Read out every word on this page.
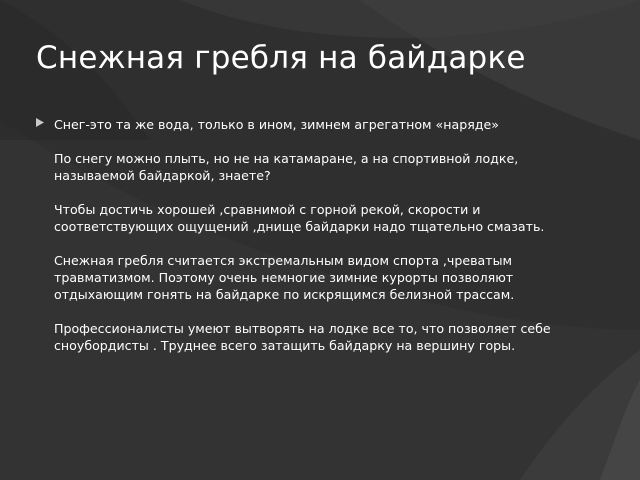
Снежная гребля на байдарке

Снег-это та же вода, только в ином, зимнем агрегатном «наряде»

По снегу можно плыть, но не на катамаране, а на спортивной лодке, называемой байдаркой, знаете?

Чтобы достичь хорошей ,сравнимой с горной рекой, скорости и соответствующих ощущений ,днище байдарки надо тщательно смазать.

Снежная гребля считается экстремальным видом спорта ,чреватым травматизмом. Поэтому очень немногие зимние курорты позволяют отдыхающим гонять на байдарке по искрящимся белизной трассам.

Профессионалисты умеют вытворять на лодке все то, что позволяет себе сноубордисты . Труднее всего затащить байдарку на вершину горы.
